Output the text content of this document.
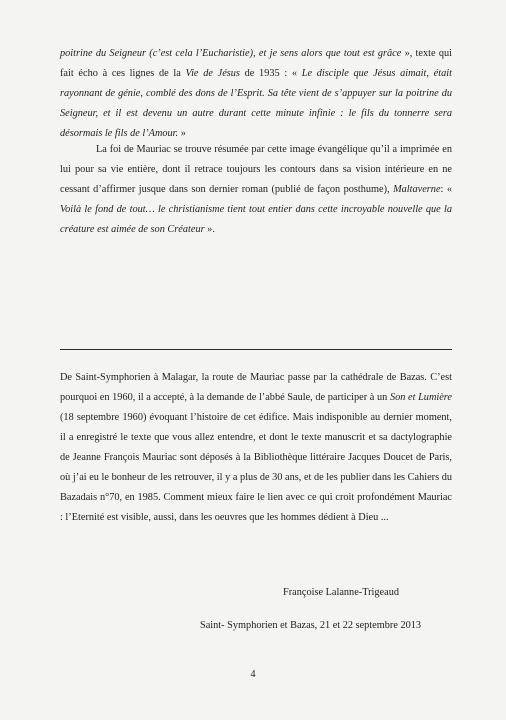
poitrine du Seigneur (c’est cela l’Eucharistie), et je sens alors que tout est grâce », texte qui fait écho à ces lignes de la Vie de Jésus de 1935 : « Le disciple que Jésus aimait, était rayonnant de génie, comblé des dons de l’Esprit. Sa tête vient de s’appuyer sur la poitrine du Seigneur, et il est devenu un autre durant cette minute infinie : le fils du tonnerre sera désormais le fils de l’Amour. »

La foi de Mauriac se trouve résumée par cette image évangélique qu’il a imprimée en lui pour sa vie entière, dont il retrace toujours les contours dans sa vision intérieure en ne cessant d’affirmer jusque dans son dernier roman (publié de façon posthume), Maltaverne: « Voilà le fond de tout… le christianisme tient tout entier dans cette incroyable nouvelle que la créature est aimée de son Créateur ».

De Saint-Symphorien à Malagar, la route de Mauriac passe par la cathédrale de Bazas. C’est pourquoi en 1960, il a accepté, à la demande de l’abbé Saule, de participer à un Son et Lumière (18 septembre 1960) évoquant l’histoire de cet édifice. Mais indisponible au dernier moment, il a enregistré le texte que vous allez entendre, et dont le texte manuscrit et sa dactylographie de Jeanne François Mauriac sont déposés à la Bibliothèque littéraire Jacques Doucet de Paris, où j’ai eu le bonheur de les retrouver, il y a plus de 30 ans, et de les publier dans les Cahiers du Bazadais n°70, en 1985. Comment mieux faire le lien avec ce qui croit profondément Mauriac : l’Eternité est visible, aussi, dans les oeuvres que les hommes dédient à Dieu ...

Françoise Lalanne-Trigeaud
Saint- Symphorien et Bazas, 21 et 22 septembre 2013
4
